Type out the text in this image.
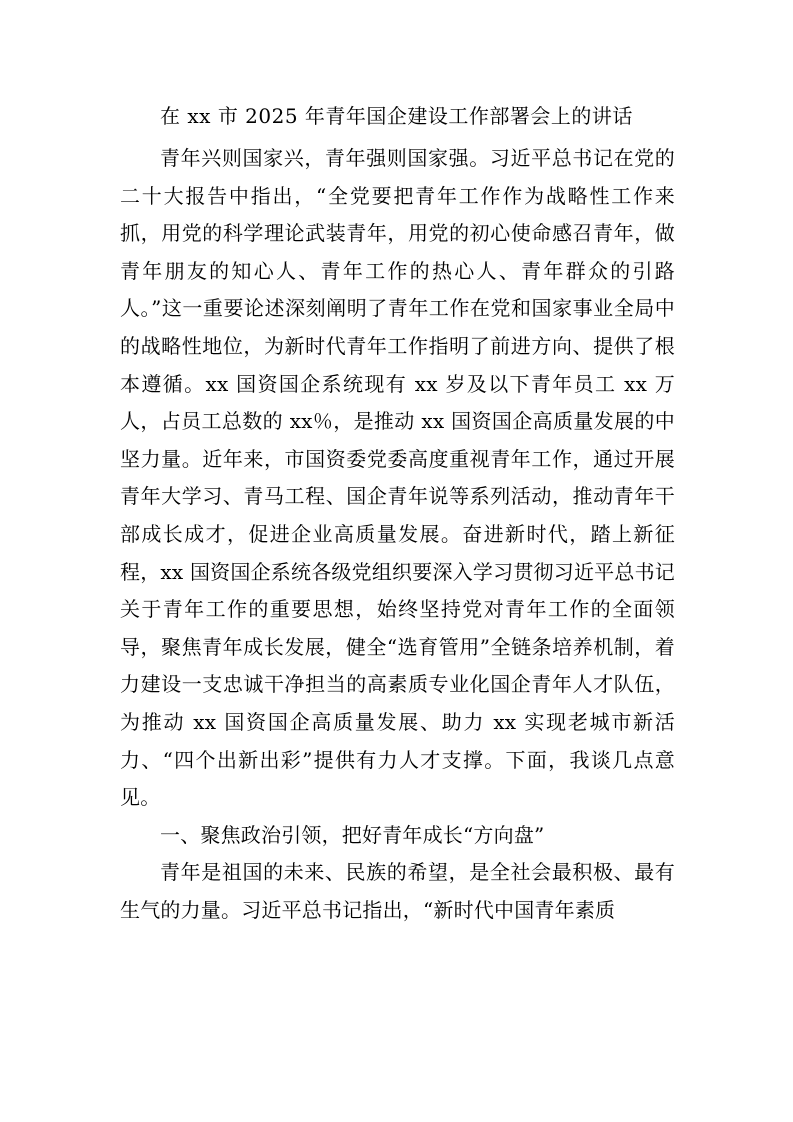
在 xx 市 2025 年青年国企建设工作部署会上的讲话

青年兴则国家兴，青年强则国家强。习近平总书记在党的二十大报告中指出，“全党要把青年工作作为战略性工作来抓，用党的科学理论武装青年，用党的初心使命感召青年，做青年朋友的知心人、青年工作的热心人、青年群众的引路人。”这一重要论述深刻阐明了青年工作在党和国家事业全局中的战略性地位，为新时代青年工作指明了前进方向、提供了根本遵循。xx 国资国企系统现有 xx 岁及以下青年员工 xx 万人，占员工总数的 xx％，是推动 xx 国资国企高质量发展的中坚力量。近年来，市国资委党委高度重视青年工作，通过开展青年大学习、青马工程、国企青年说等系列活动，推动青年干部成长成才，促进企业高质量发展。奋进新时代，踏上新征程，xx 国资国企系统各级党组织要深入学习贯彻习近平总书记关于青年工作的重要思想，始终坚持党对青年工作的全面领导，聚焦青年成长发展，健全“选育管用”全链条培养机制，着力建设一支忠诚干净担当的高素质专业化国企青年人才队伍，为推动 xx 国资国企高质量发展、助力 xx 实现老城市新活力、“四个出新出彩”提供有力人才支撑。下面，我谈几点意见。

一、聚焦政治引领，把好青年成长“方向盘”

青年是祖国的未来、民族的希望，是全社会最积极、最有生气的力量。习近平总书记指出，“新时代中国青年素质
